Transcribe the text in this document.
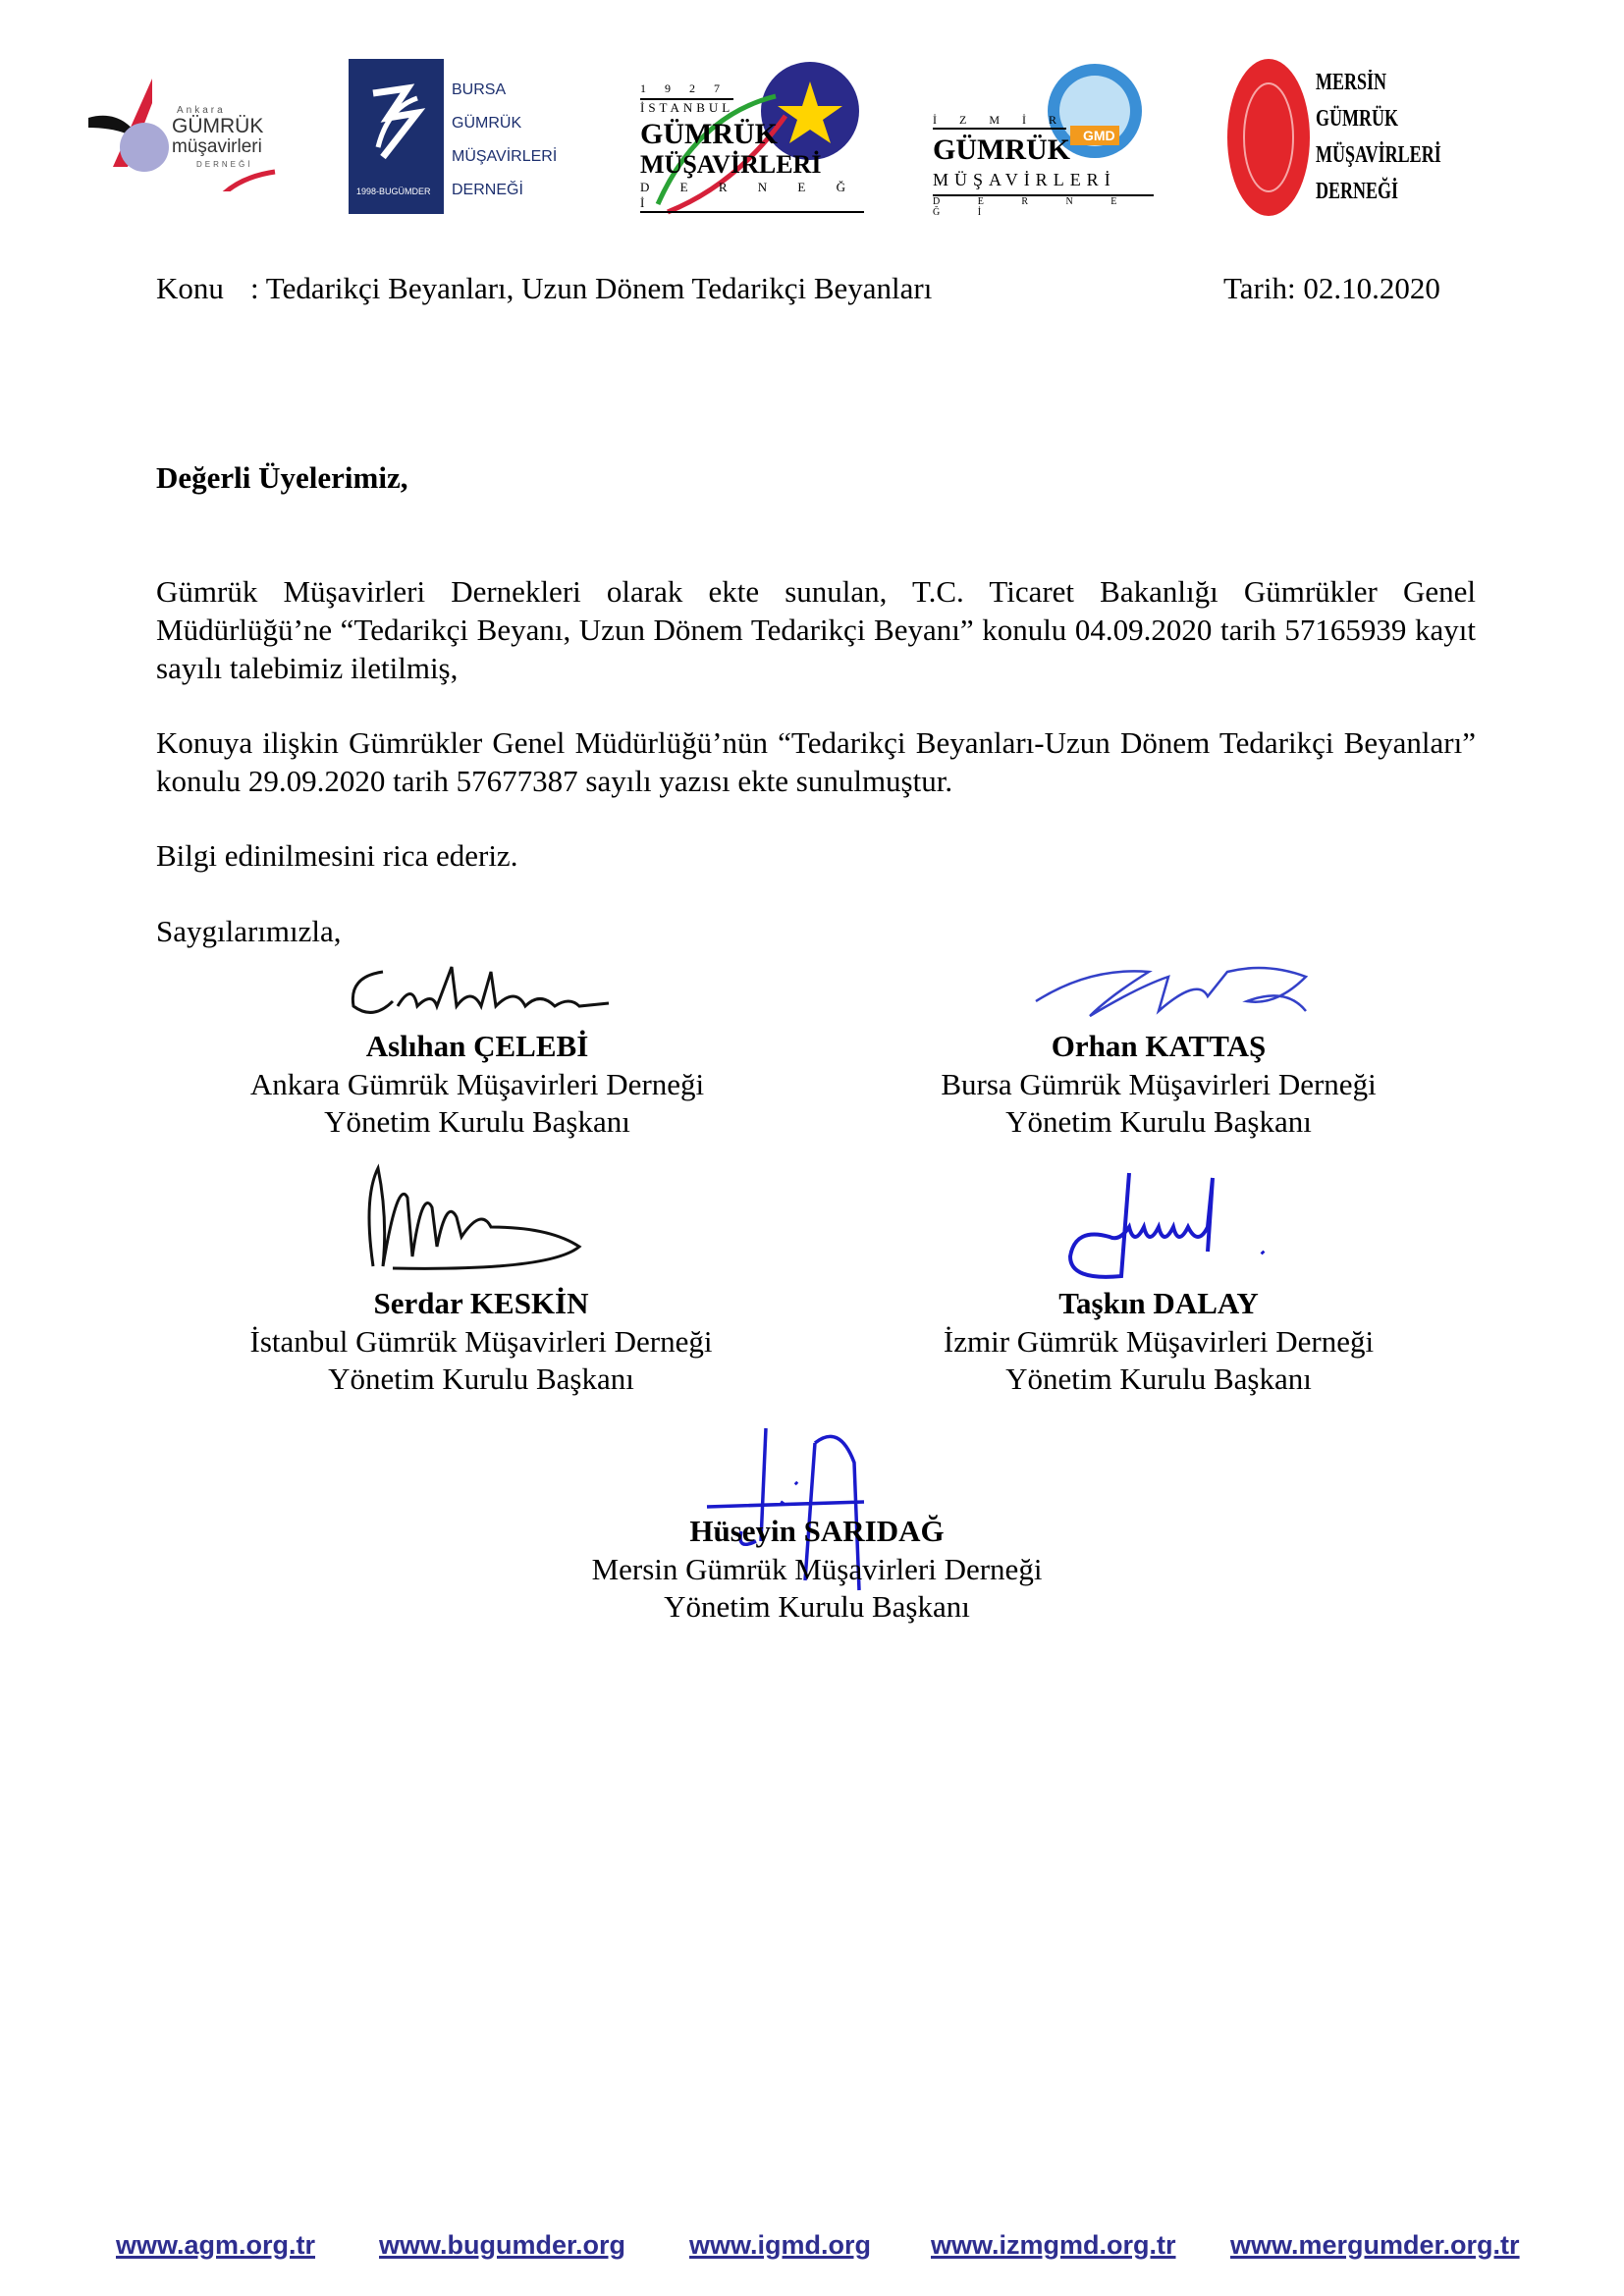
Ankara
GÜMRÜK
müşavirleri
DERNEĞİ
1998-BUGÜMDER
BURSA
GÜMRÜK
MÜŞAVİRLERİ
DERNEĞİ
1 9 2 7
İSTANBUL
GÜMRÜK
MÜŞAVİRLERİ
D E R N E Ğ İ
GMD
İ Z M İ R
GÜMRÜK
MÜŞAVİRLERİ
D E R N E Ğ İ
MERSİN
GÜMRÜK
MÜŞAVİRLERİ
DERNEĞİ
Konu : Tedarikçi Beyanları, Uzun Dönem Tedarikçi Beyanları	Tarih: 02.10.2020
Değerli Üyelerimiz,
Gümrük Müşavirleri Dernekleri olarak ekte sunulan, T.C. Ticaret Bakanlığı Gümrükler Genel Müdürlüğü’ne “Tedarikçi Beyanı, Uzun Dönem Tedarikçi Beyanı” konulu 04.09.2020 tarih 57165939 kayıt sayılı talebimiz iletilmiş,
Konuya ilişkin Gümrükler Genel Müdürlüğü’nün “Tedarikçi Beyanları-Uzun Dönem Tedarikçi Beyanları” konulu 29.09.2020 tarih 57677387 sayılı yazısı ekte sunulmuştur.
Bilgi edinilmesini rica ederiz.
Saygılarımızla,
Aslıhan ÇELEBİ
Ankara Gümrük Müşavirleri Derneği
Yönetim Kurulu Başkanı
Orhan KATTAŞ
Bursa Gümrük Müşavirleri Derneği
Yönetim Kurulu Başkanı
Serdar KESKİN
İstanbul Gümrük Müşavirleri Derneği
Yönetim Kurulu Başkanı
Taşkın DALAY
İzmir Gümrük Müşavirleri Derneği
Yönetim Kurulu Başkanı
Hüseyin SARIDAĞ
Mersin Gümrük Müşavirleri Derneği
Yönetim Kurulu Başkanı
www.agm.org.tr www.bugumder.org www.igmd.org www.izmgmd.org.tr www.mergumder.org.tr
